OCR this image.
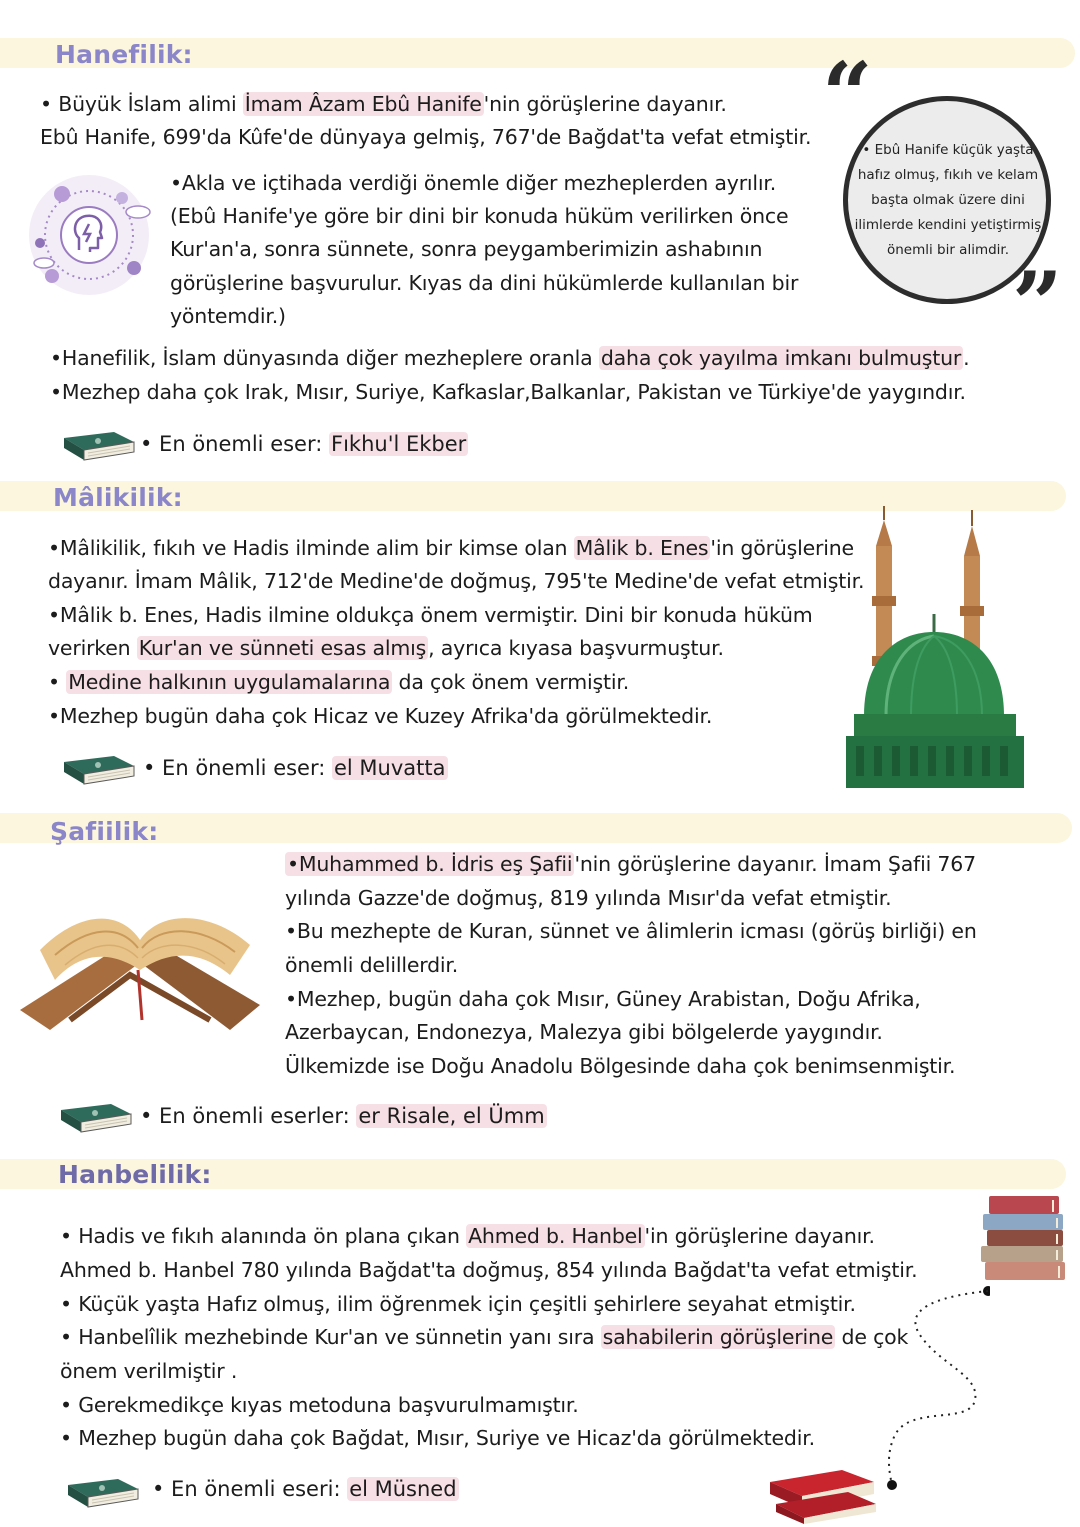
Hanefilik:
• Büyük İslam alimi İmam Âzam Ebû Hanife'nin görüşlerine dayanır.
Ebû Hanife, 699'da Kûfe'de dünyaya gelmiş, 767'de Bağdat'ta vefat etmiştir.
•Akla ve içtihada verdiği önemle diğer mezheplerden ayrılır.
(Ebû Hanife'ye göre bir dini bir konuda hüküm verilirken önce
Kur'an'a, sonra sünnete, sonra peygamberimizin ashabının
görüşlerine başvurulur. Kıyas da dini hükümlerde kullanılan bir
yöntemdir.)
“
• Ebû Hanife küçük yaşta hafız olmuş, fıkıh ve kelam başta olmak üzere dini ilimlerde kendini yetiştirmiş önemli bir alimdir.
”
•Hanefilik, İslam dünyasında diğer mezheplere oranla daha çok yayılma imkanı bulmuştur.
•Mezhep daha çok Irak, Mısır, Suriye, Kafkaslar,Balkanlar, Pakistan ve Türkiye'de yaygındır.
• En önemli eser: Fıkhu'l Ekber
Mâlikilik:
•Mâlikilik, fıkıh ve Hadis ilminde alim bir kimse olan Mâlik b. Enes'in görüşlerine
dayanır. İmam Mâlik, 712'de Medine'de doğmuş, 795'te Medine'de vefat etmiştir.
•Mâlik b. Enes, Hadis ilmine oldukça önem vermiştir. Dini bir konuda hüküm
verirken Kur'an ve sünneti esas almış, ayrıca kıyasa başvurmuştur.
• Medine halkının uygulamalarına da çok önem vermiştir.
•Mezhep bugün daha çok Hicaz ve Kuzey Afrika'da görülmektedir.
• En önemli eser: el Muvatta
Şafiilik:
•Muhammed b. İdris eş Şafii'nin görüşlerine dayanır. İmam Şafii 767
yılında Gazze'de doğmuş, 819 yılında Mısır'da vefat etmiştir.
•Bu mezhepte de Kuran, sünnet ve âlimlerin icması (görüş birliği) en
önemli delillerdir.
•Mezhep, bugün daha çok Mısır, Güney Arabistan, Doğu Afrika,
Azerbaycan, Endonezya, Malezya gibi bölgelerde yaygındır.
Ülkemizde ise Doğu Anadolu Bölgesinde daha çok benimsenmiştir.
• En önemli eserler: er Risale, el Ümm
Hanbelilik:
• Hadis ve fıkıh alanında ön plana çıkan Ahmed b. Hanbel'in görüşlerine dayanır.
Ahmed b. Hanbel 780 yılında Bağdat'ta doğmuş, 854 yılında Bağdat'ta vefat etmiştir.
• Küçük yaşta Hafız olmuş, ilim öğrenmek için çeşitli şehirlere seyahat etmiştir.
• Hanbelîlik mezhebinde Kur'an ve sünnetin yanı sıra sahabilerin görüşlerine de çok
önem verilmiştir .
• Gerekmedikçe kıyas metoduna başvurulmamıştır.
• Mezhep bugün daha çok Bağdat, Mısır, Suriye ve Hicaz'da görülmektedir.
• En önemli eseri: el Müsned
